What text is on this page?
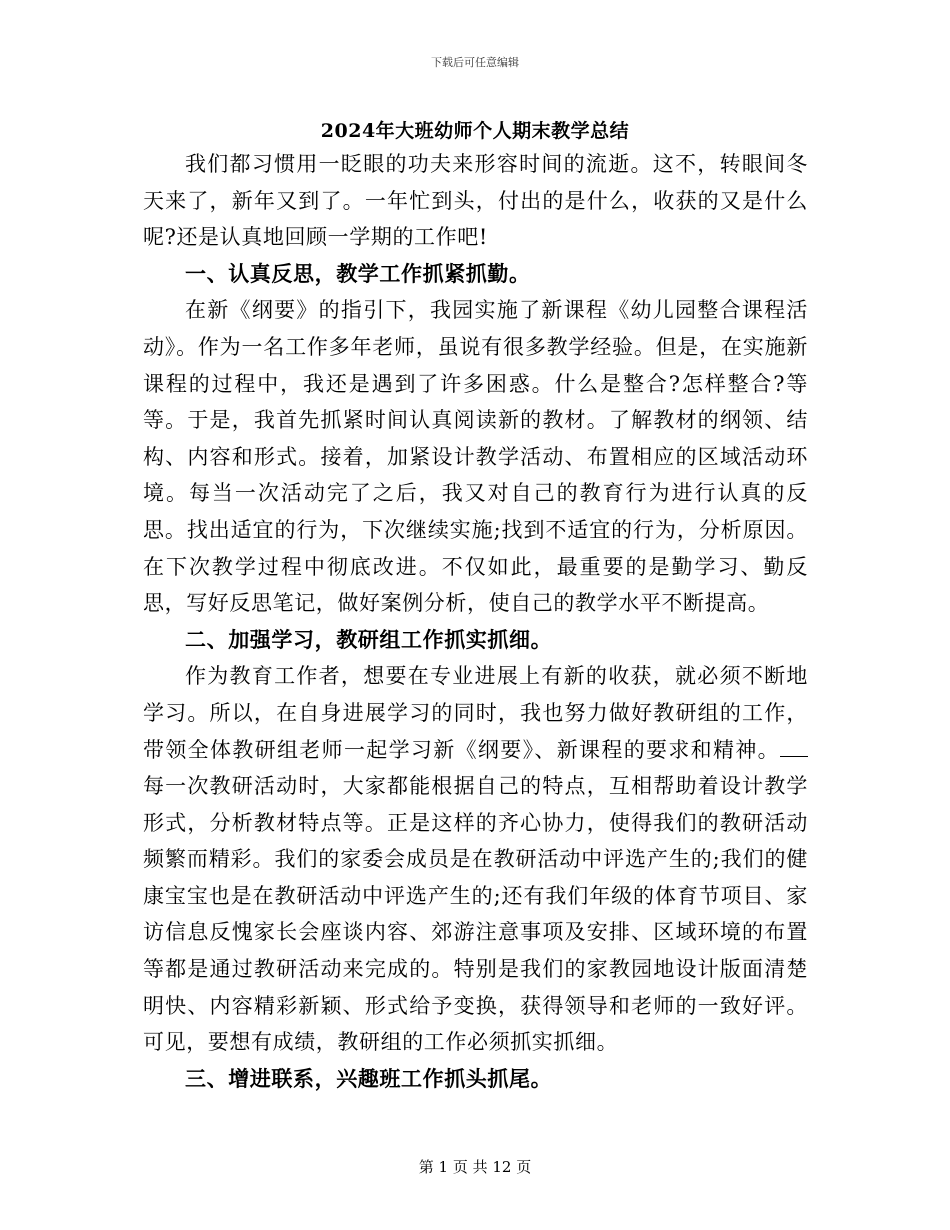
下载后可任意编辑
2024年大班幼师个人期末教学总结

我们都习惯用一眨眼的功夫来形容时间的流逝。这不，转眼间冬天来了，新年又到了。一年忙到头，付出的是什么，收获的又是什么呢?还是认真地回顾一学期的工作吧!

一、认真反思，教学工作抓紧抓勤。

在新《纲要》的指引下，我园实施了新课程《幼儿园整合课程活动》。作为一名工作多年老师，虽说有很多教学经验。但是，在实施新课程的过程中，我还是遇到了许多困惑。什么是整合?怎样整合?等等。于是，我首先抓紧时间认真阅读新的教材。了解教材的纲领、结构、内容和形式。接着，加紧设计教学活动、布置相应的区域活动环境。每当一次活动完了之后，我又对自己的教育行为进行认真的反思。找出适宜的行为，下次继续实施;找到不适宜的行为，分析原因。在下次教学过程中彻底改进。不仅如此，最重要的是勤学习、勤反思，写好反思笔记，做好案例分析，使自己的教学水平不断提高。

二、加强学习，教研组工作抓实抓细。

作为教育工作者，想要在专业进展上有新的收获，就必须不断地学习。所以，在自身进展学习的同时，我也努力做好教研组的工作，带领全体教研组老师一起学习新《纲要》、新课程的要求和精神。每一次教研活动时，大家都能根据自己的特点，互相帮助着设计教学形式，分析教材特点等。正是这样的齐心协力，使得我们的教研活动频繁而精彩。我们的家委会成员是在教研活动中评选产生的;我们的健康宝宝也是在教研活动中评选产生的;还有我们年级的体育节项目、家访信息反愧家长会座谈内容、郊游注意事项及安排、区域环境的布置等都是通过教研活动来完成的。特别是我们的家教园地设计版面清楚明快、内容精彩新颖、形式给予变换，获得领导和老师的一致好评。可见，要想有成绩，教研组的工作必须抓实抓细。

三、增进联系，兴趣班工作抓头抓尾。

第 1 页 共 12 页
